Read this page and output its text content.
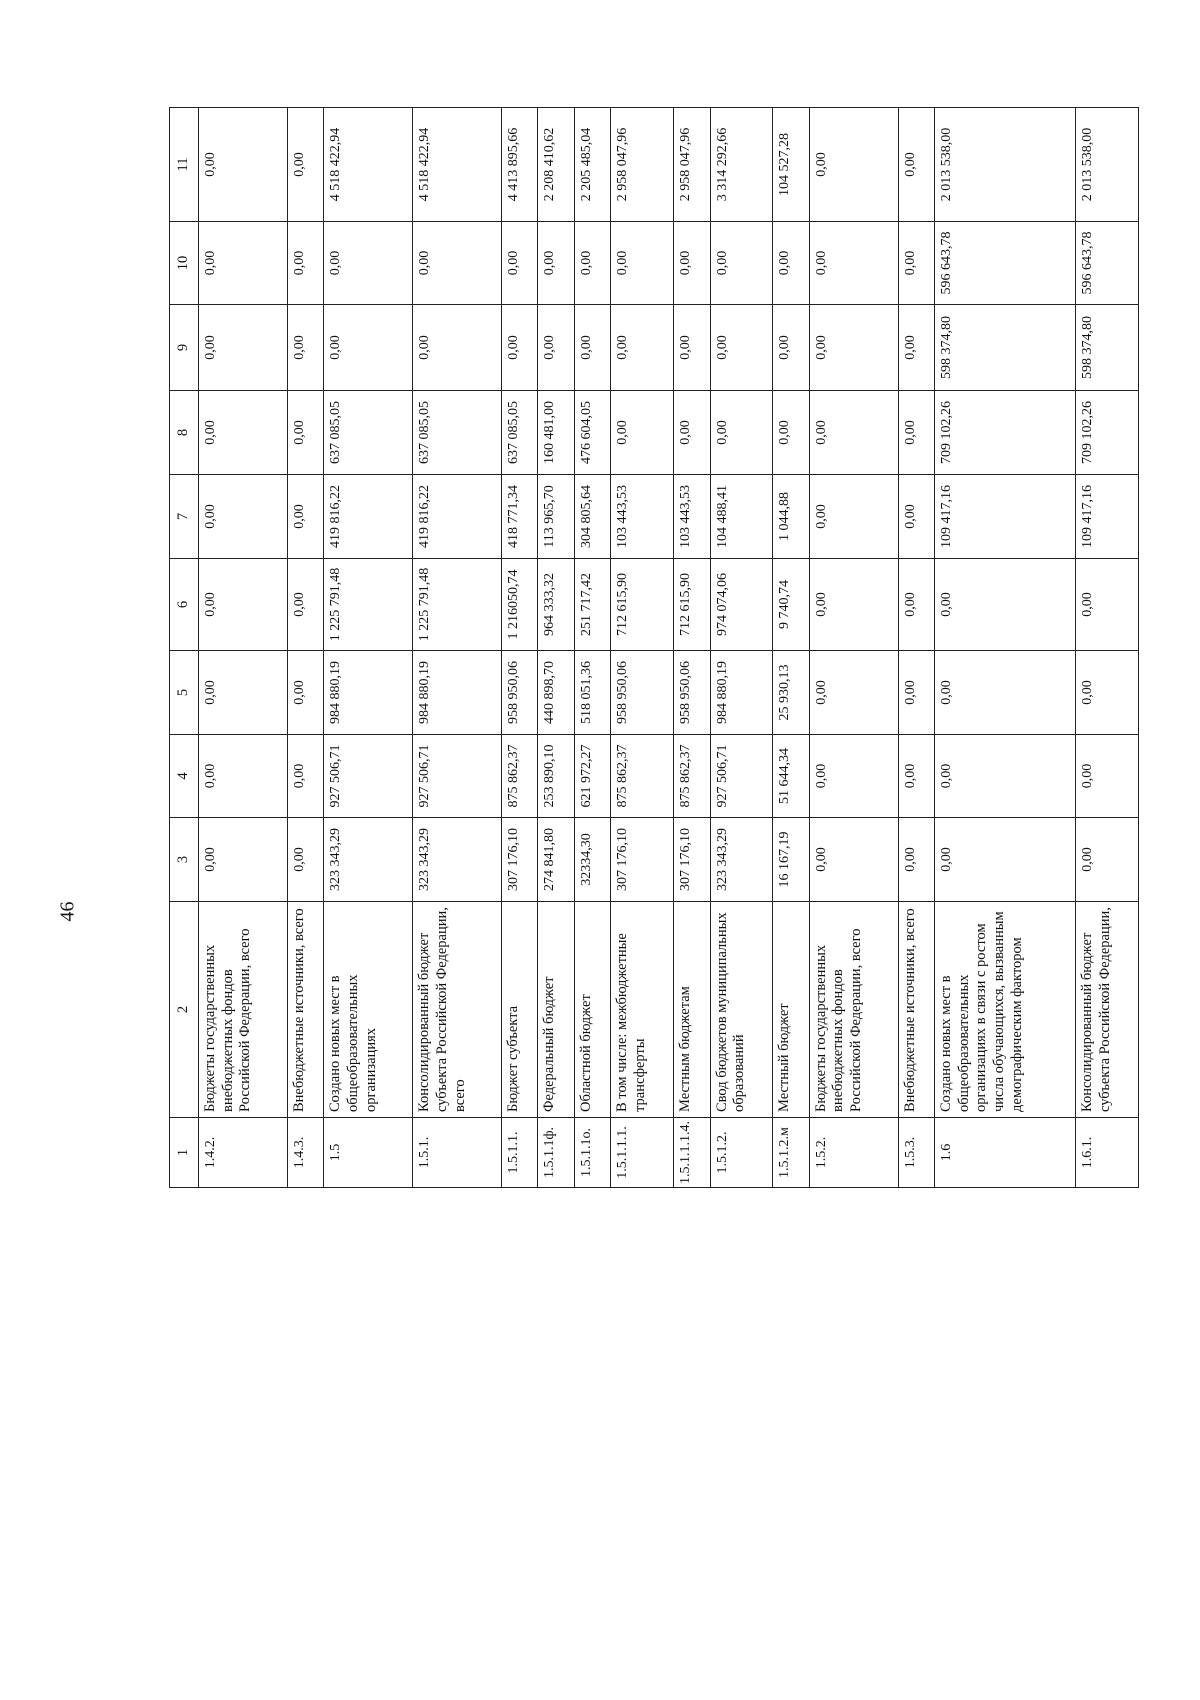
46
1	2	3	4	5	6	7	8	9	10	11
1.4.2.	Бюджеты государственных внебюджетных фондов Российской Федерации, всего	0,00	0,00	0,00	0,00	0,00	0,00	0,00	0,00	0,00
1.4.3.	Внебюджетные источники, всего	0,00	0,00	0,00	0,00	0,00	0,00	0,00	0,00	0,00
1.5	Создано новых мест в общеобразовательных организациях	323 343,29	927 506,71	984 880,19	1 225 791,48	419 816,22	637 085,05	0,00	0,00	4 518 422,94
1.5.1.	Консолидированный бюджет субъекта Российской Федерации, всего	323 343,29	927 506,71	984 880,19	1 225 791,48	419 816,22	637 085,05	0,00	0,00	4 518 422,94
1.5.1.1.	Бюджет субъекта	307 176,10	875 862,37	958 950,06	1 216050,74	418 771,34	637 085,05	0,00	0,00	4 413 895,66
1.5.1.1ф.	Федеральный бюджет	274 841,80	253 890,10	440 898,70	964 333,32	113 965,70	160 481,00	0,00	0,00	2 208 410,62
1.5.1.1о.	Областной бюджет	32334,30	621 972,27	518 051,36	251 717,42	304 805,64	476 604,05	0,00	0,00	2 205 485,04
1.5.1.1.1.	В том числе: межбюджетные трансферты	307 176,10	875 862,37	958 950,06	712 615,90	103 443,53	0,00	0,00	0,00	2 958 047,96
1.5.1.1.1.4.	Местным бюджетам	307 176,10	875 862,37	958 950,06	712 615,90	103 443,53	0,00	0,00	0,00	2 958 047,96
1.5.1.2.	Свод бюджетов муниципальных образований	323 343,29	927 506,71	984 880,19	974 074,06	104 488,41	0,00	0,00	0,00	3 314 292,66
1.5.1.2.м	Местный бюджет	16 167,19	51 644,34	25 930,13	9 740,74	1 044,88	0,00	0,00	0,00	104 527,28
1.5.2.	Бюджеты государственных внебюджетных фондов Российской Федерации, всего	0,00	0,00	0,00	0,00	0,00	0,00	0,00	0,00	0,00
1.5.3.	Внебюджетные источники, всего	0,00	0,00	0,00	0,00	0,00	0,00	0,00	0,00	0,00
1.6	Создано новых мест в общеобразовательных организациях в связи с ростом числа обучающихся, вызванным демографическим фактором	0,00	0,00	0,00	0,00	109 417,16	709 102,26	598 374,80	596 643,78	2 013 538,00
1.6.1.	Консолидированный бюджет субъекта Российской Федерации,	0,00	0,00	0,00	0,00	109 417,16	709 102,26	598 374,80	596 643,78	2 013 538,00
